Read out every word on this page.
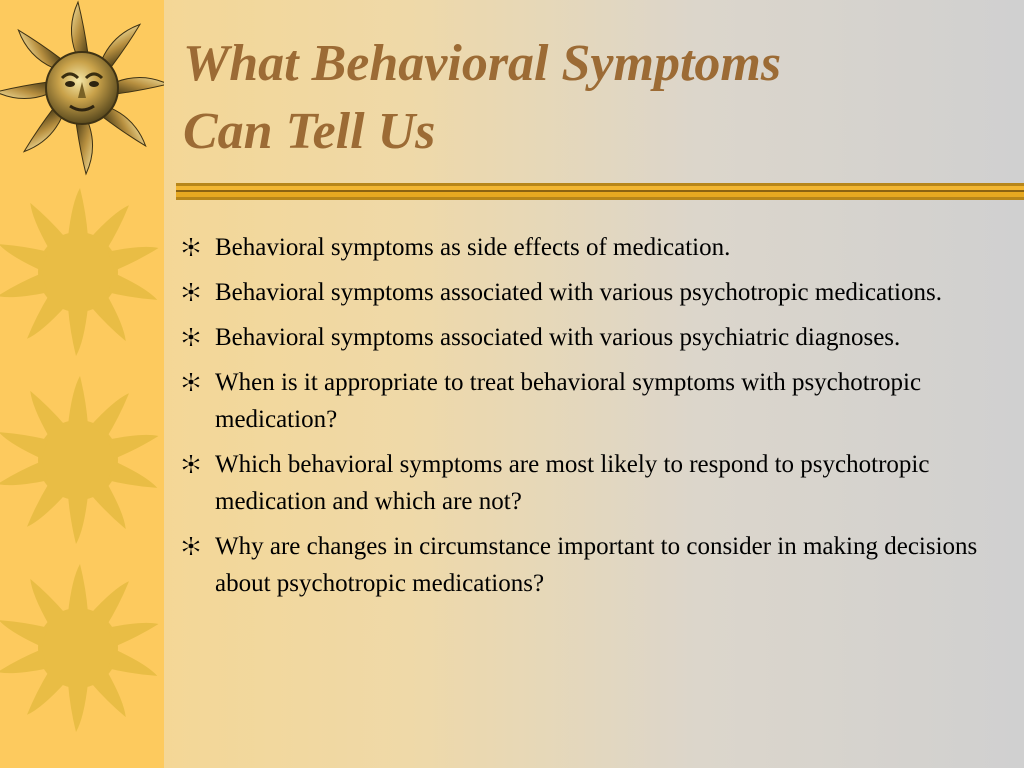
What Behavioral Symptoms
Can Tell Us
Behavioral symptoms as side effects of medication.
Behavioral symptoms associated with various psychotropic medications.
Behavioral symptoms associated with various psychiatric diagnoses.
When is it appropriate to treat behavioral symptoms with psychotropic medication?
Which behavioral symptoms are most likely to respond to psychotropic medication and which are not?
Why are changes in circumstance important to consider in making decisions about psychotropic medications?
